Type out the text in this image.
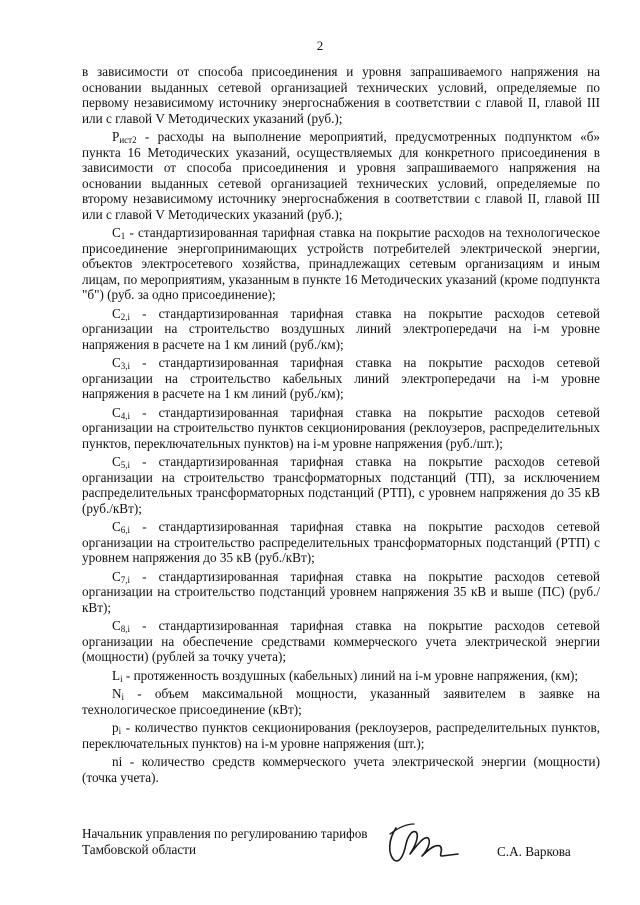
2

в зависимости от способа присоединения и уровня запрашиваемого напряжения на основании выданных сетевой организацией технических условий, определяемые по первому независимому источнику энергоснабжения в соответствии с главой II, главой III или с главой V Методических указаний (руб.);

$P_{ист2}$ - расходы на выполнение мероприятий, предусмотренных подпунктом «б» пункта 16 Методических указаний, осуществляемых для конкретного присоединения в зависимости от способа присоединения и уровня запрашиваемого напряжения на основании выданных сетевой организацией технических условий, определяемые по второму независимому источнику энергоснабжения в соответствии с главой II, главой III или с главой V Методических указаний (руб.);

$C_1$ - стандартизированная тарифная ставка на покрытие расходов на технологическое присоединение энергопринимающих устройств потребителей электрической энергии, объектов электросетевого хозяйства, принадлежащих сетевым организациям и иным лицам, по мероприятиям, указанным в пункте 16 Методических указаний (кроме подпункта "б") (руб. за одно присоединение);

$C_{2,i}$ - стандартизированная тарифная ставка на покрытие расходов сетевой организации на строительство воздушных линий электропередачи на i-м уровне напряжения в расчете на 1 км линий (руб./км);

$C_{3,i}$ - стандартизированная тарифная ставка на покрытие расходов сетевой организации на строительство кабельных линий электропередачи на i-м уровне напряжения в расчете на 1 км линий (руб./км);

$C_{4,i}$ - стандартизированная тарифная ставка на покрытие расходов сетевой организации на строительство пунктов секционирования (реклоузеров, распределительных пунктов, переключательных пунктов) на i-м уровне напряжения (руб./шт.);

$C_{5,i}$ - стандартизированная тарифная ставка на покрытие расходов сетевой организации на строительство трансформаторных подстанций (ТП), за исключением распределительных трансформаторных подстанций (РТП), с уровнем напряжения до 35 кВ (руб./кВт);

$C_{6,i}$ - стандартизированная тарифная ставка на покрытие расходов сетевой организации на строительство распределительных трансформаторных подстанций (РТП) с уровнем напряжения до 35 кВ (руб./кВт);

$C_{7,i}$ - стандартизированная тарифная ставка на покрытие расходов сетевой организации на строительство подстанций уровнем напряжения 35 кВ и выше (ПС) (руб./кВт);

$C_{8,i}$ - стандартизированная тарифная ставка на покрытие расходов сетевой организации на обеспечение средствами коммерческого учета электрической энергии (мощности) (рублей за точку учета);

$L_i$ - протяженность воздушных (кабельных) линий на i-м уровне напряжения, (км);

$N_i$ - объем максимальной мощности, указанный заявителем в заявке на технологическое присоединение (кВт);

$p_i$ - количество пунктов секционирования (реклоузеров, распределительных пунктов, переключательных пунктов) на i-м уровне напряжения (шт.);

ni - количество средств коммерческого учета электрической энергии (мощности) (точка учета).

Начальник управления по регулированию тарифов Тамбовской области	С.А. Варкова
